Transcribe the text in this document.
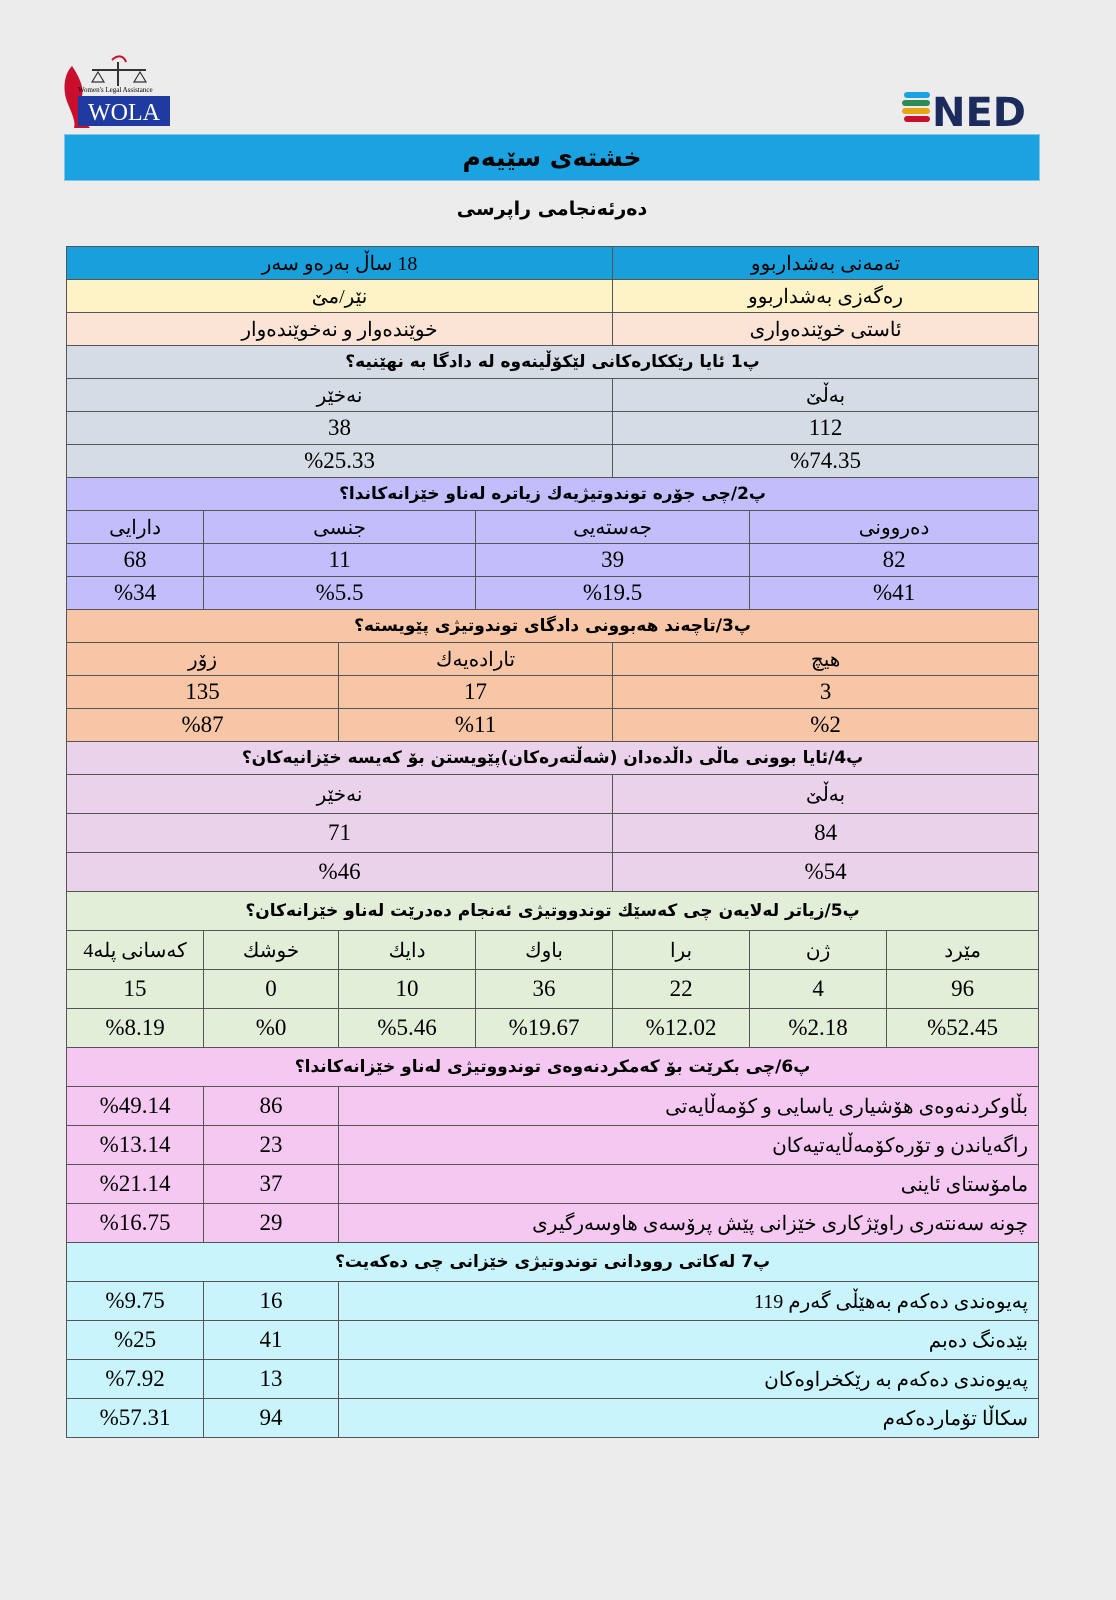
Women's Legal Assistance
WOLA	NED
خشتەی سێیەم
دەرئەنجامی راپرسی
تەمەنی بەشداربوو			18 ساڵ بەرەو سەر			
رەگەزی بەشداربوو			نێر/مێ			
ئاستی خوێندەواری			خوێندەوار و نەخوێندەوار			
پ1 ئایا رێککارەکانی لێکۆڵینەوە لە دادگا بە نهێنیە؟						
بەڵێ			نەخێر			
112			38			
%74.35			%25.33			
پ2/چی جۆرە توندوتیژیەك زیاترە لەناو خێزانەکاندا؟						
دەروونی		جەستەیی		جنسی		دارایی
82		39		11		68
%41		%19.5		%5.5		%34
پ3/تاچەند هەبوونی دادگای توندوتیژی پێویستە؟						
هیچ			تارادەیەك		زۆر	
3			17		135	
%2			%11		%87	
پ4/ئایا بوونی ماڵی داڵدەدان (شەڵتەرەکان)پێویستن بۆ کەیسە خێزانیەکان؟						
بەڵێ			نەخێر			
84			71			
%54			%46			
پ5/زیاتر لەلایەن چی کەسێك توندووتیژی ئەنجام دەدرێت لەناو خێزانەکان؟						
مێرد	ژن	برا	باوك	دایك	خوشك	کەسانی پلە4
96	4	22	36	10	0	15
%52.45	%2.18	%12.02	%19.67	%5.46	%0	%8.19
پ6/چی بکرێت بۆ کەمکردنەوەی توندووتیژی لەناو خێزانەکاندا؟						
بڵاوکردنەوەی هۆشیاری یاسایی و کۆمەڵایەتی					86	%49.14
راگەیاندن و تۆرەکۆمەڵایەتیەکان					23	%13.14
مامۆستای ئاینی					37	%21.14
چونە سەنتەری راوێژکاری خێزانی پێش پرۆسەی هاوسەرگیری					29	%16.75
پ7 لەکاتی روودانی توندوتیژی خێزانی چی دەکەیت؟						
پەیوەندی دەکەم بەهێڵی گەرم 119					16	%9.75
بێدەنگ دەبم					41	%25
پەیوەندی دەکەم بە رێکخراوەکان					13	%7.92
سکاڵا تۆماردەکەم					94	%57.31
